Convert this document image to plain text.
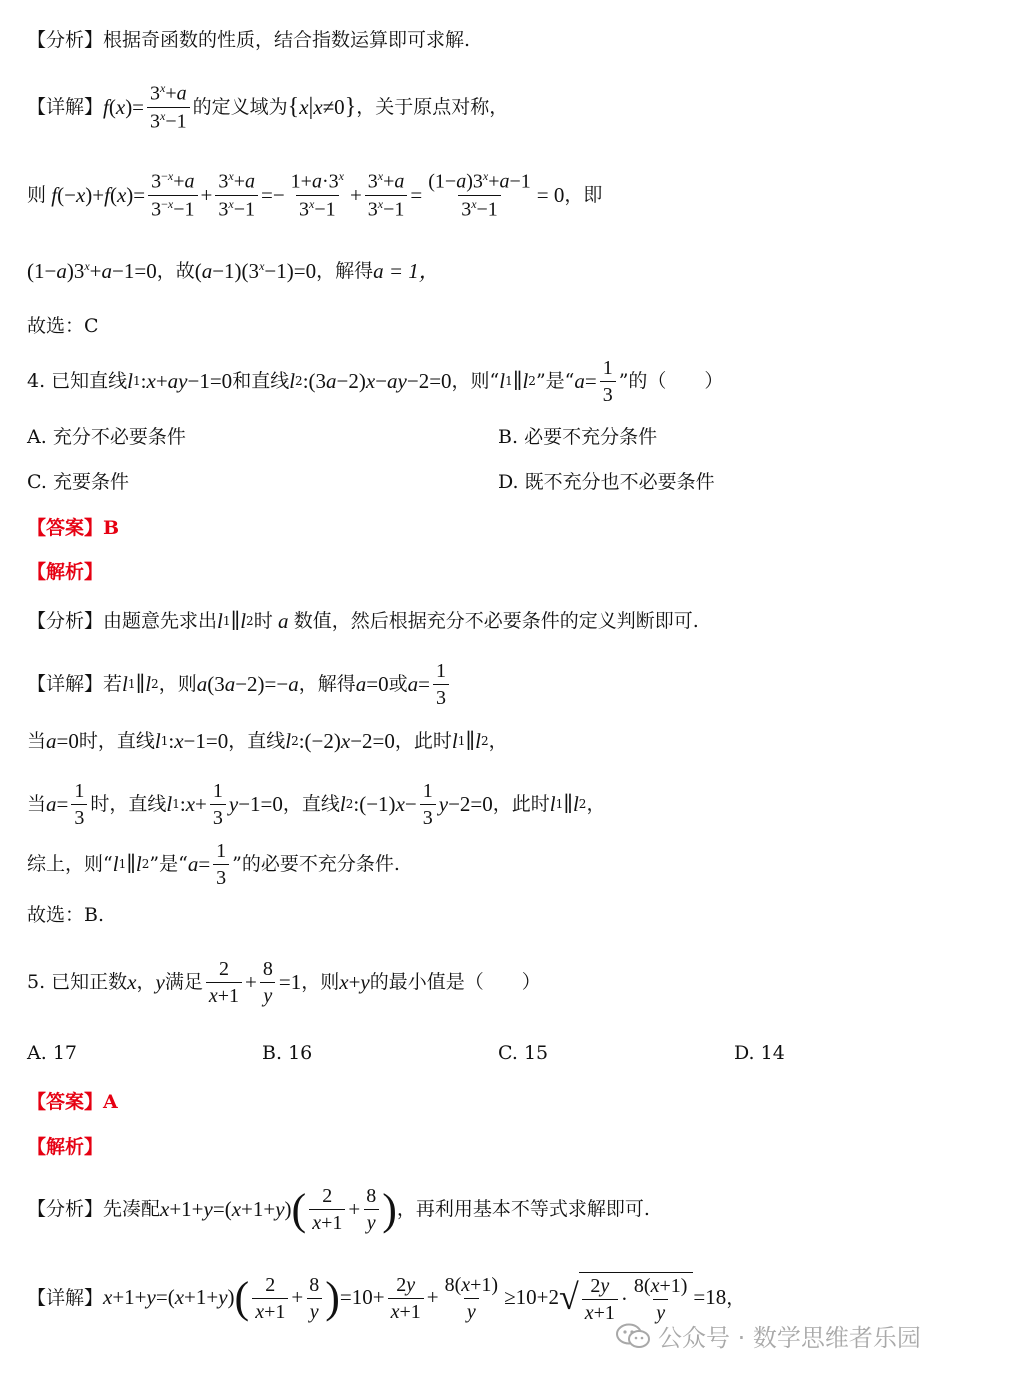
【分析】根据奇函数的性质，结合指数运算即可求解.
【详解】 f ( x )= $\frac{3^x+a}{3^x-1}$ 的定义域为 { x | x ≠0 } ，关于原点对称，
则 f (− x )+ f ( x )= $\frac{3^{-x}+a}{3^{-x}-1} + \frac{3^x+a}{3^x-1} =- \frac{1+a\cdot 3^x}{3^x-1} + \frac{3^x+a}{3^x-1} = \frac{(1-a)3^x+a-1}{3^x-1} = 0$ ，即
(1− a )$3^x+ a -1=0$ ，故 ( $a -1)(3^x-1)=0$ ，解得 a = 1，
故选：C
4. 已知直线 l 1 : x + ay −1=0 和直线 l 2 :(3 a −2) x − ay −2=0 ，则“ l 1 ∥ l 2 ”是“ $a = \frac{1}{3}$ ”的（　　）
A. 充分不必要条件	B. 必要不充分条件
C. 充要条件	D. 既不充分也不必要条件
【答案】B
【解析】
【分析】由题意先求出 l 1 ∥ l 2 时 a 数值，然后根据充分不必要条件的定义判断即可.
【详解】若 l 1 ∥ l 2 ，则 a (3 a −2)=− a ，解得 a =0 或 $a = \frac{1}{3}$
当 a =0 时，直线 l 1 : x −1=0 ，直线 l 2 :(−2) x −2=0 ，此时 l 1 ∥ l 2 ，
当 $a = \frac{1}{3}$ 时，直线 l 1 : $x + \frac{1}{3}$ y −1=0 ，直线 l 2 :(−1) $x - \frac{1}{3}$ y −2=0 ，此时 l 1 ∥ l 2 ，
综上，则“ l 1 ∥ l 2 ”是“ $a = \frac{1}{3}$ ”的必要不充分条件.
故选：B.
5. 已知正数 x ， y 满足 $\frac{2}{x+1} + \frac{8}{y} =1$ ，则 x + y 的最小值是（　　）
A. 17	B. 16	C. 15	D. 14
【答案】A
【解析】
【分析】先凑配 x +1+ y =( x +1+ y ) ( $\frac{2}{x+1} + \frac{8}{y}$ ) ，再利用基本不等式求解即可.
【详解】 x +1+ y =( x +1+ y ) ( $\frac{2}{x+1} + \frac{8}{y}$ ) $=10+ \frac{2y}{x+1} + \frac{8(x+1)}{y} \ge 10+2$ √ $\frac{2y}{x+1} \cdot \frac{8(x+1)}{y} =18$ ，
公众号 · 数学思维者乐园
